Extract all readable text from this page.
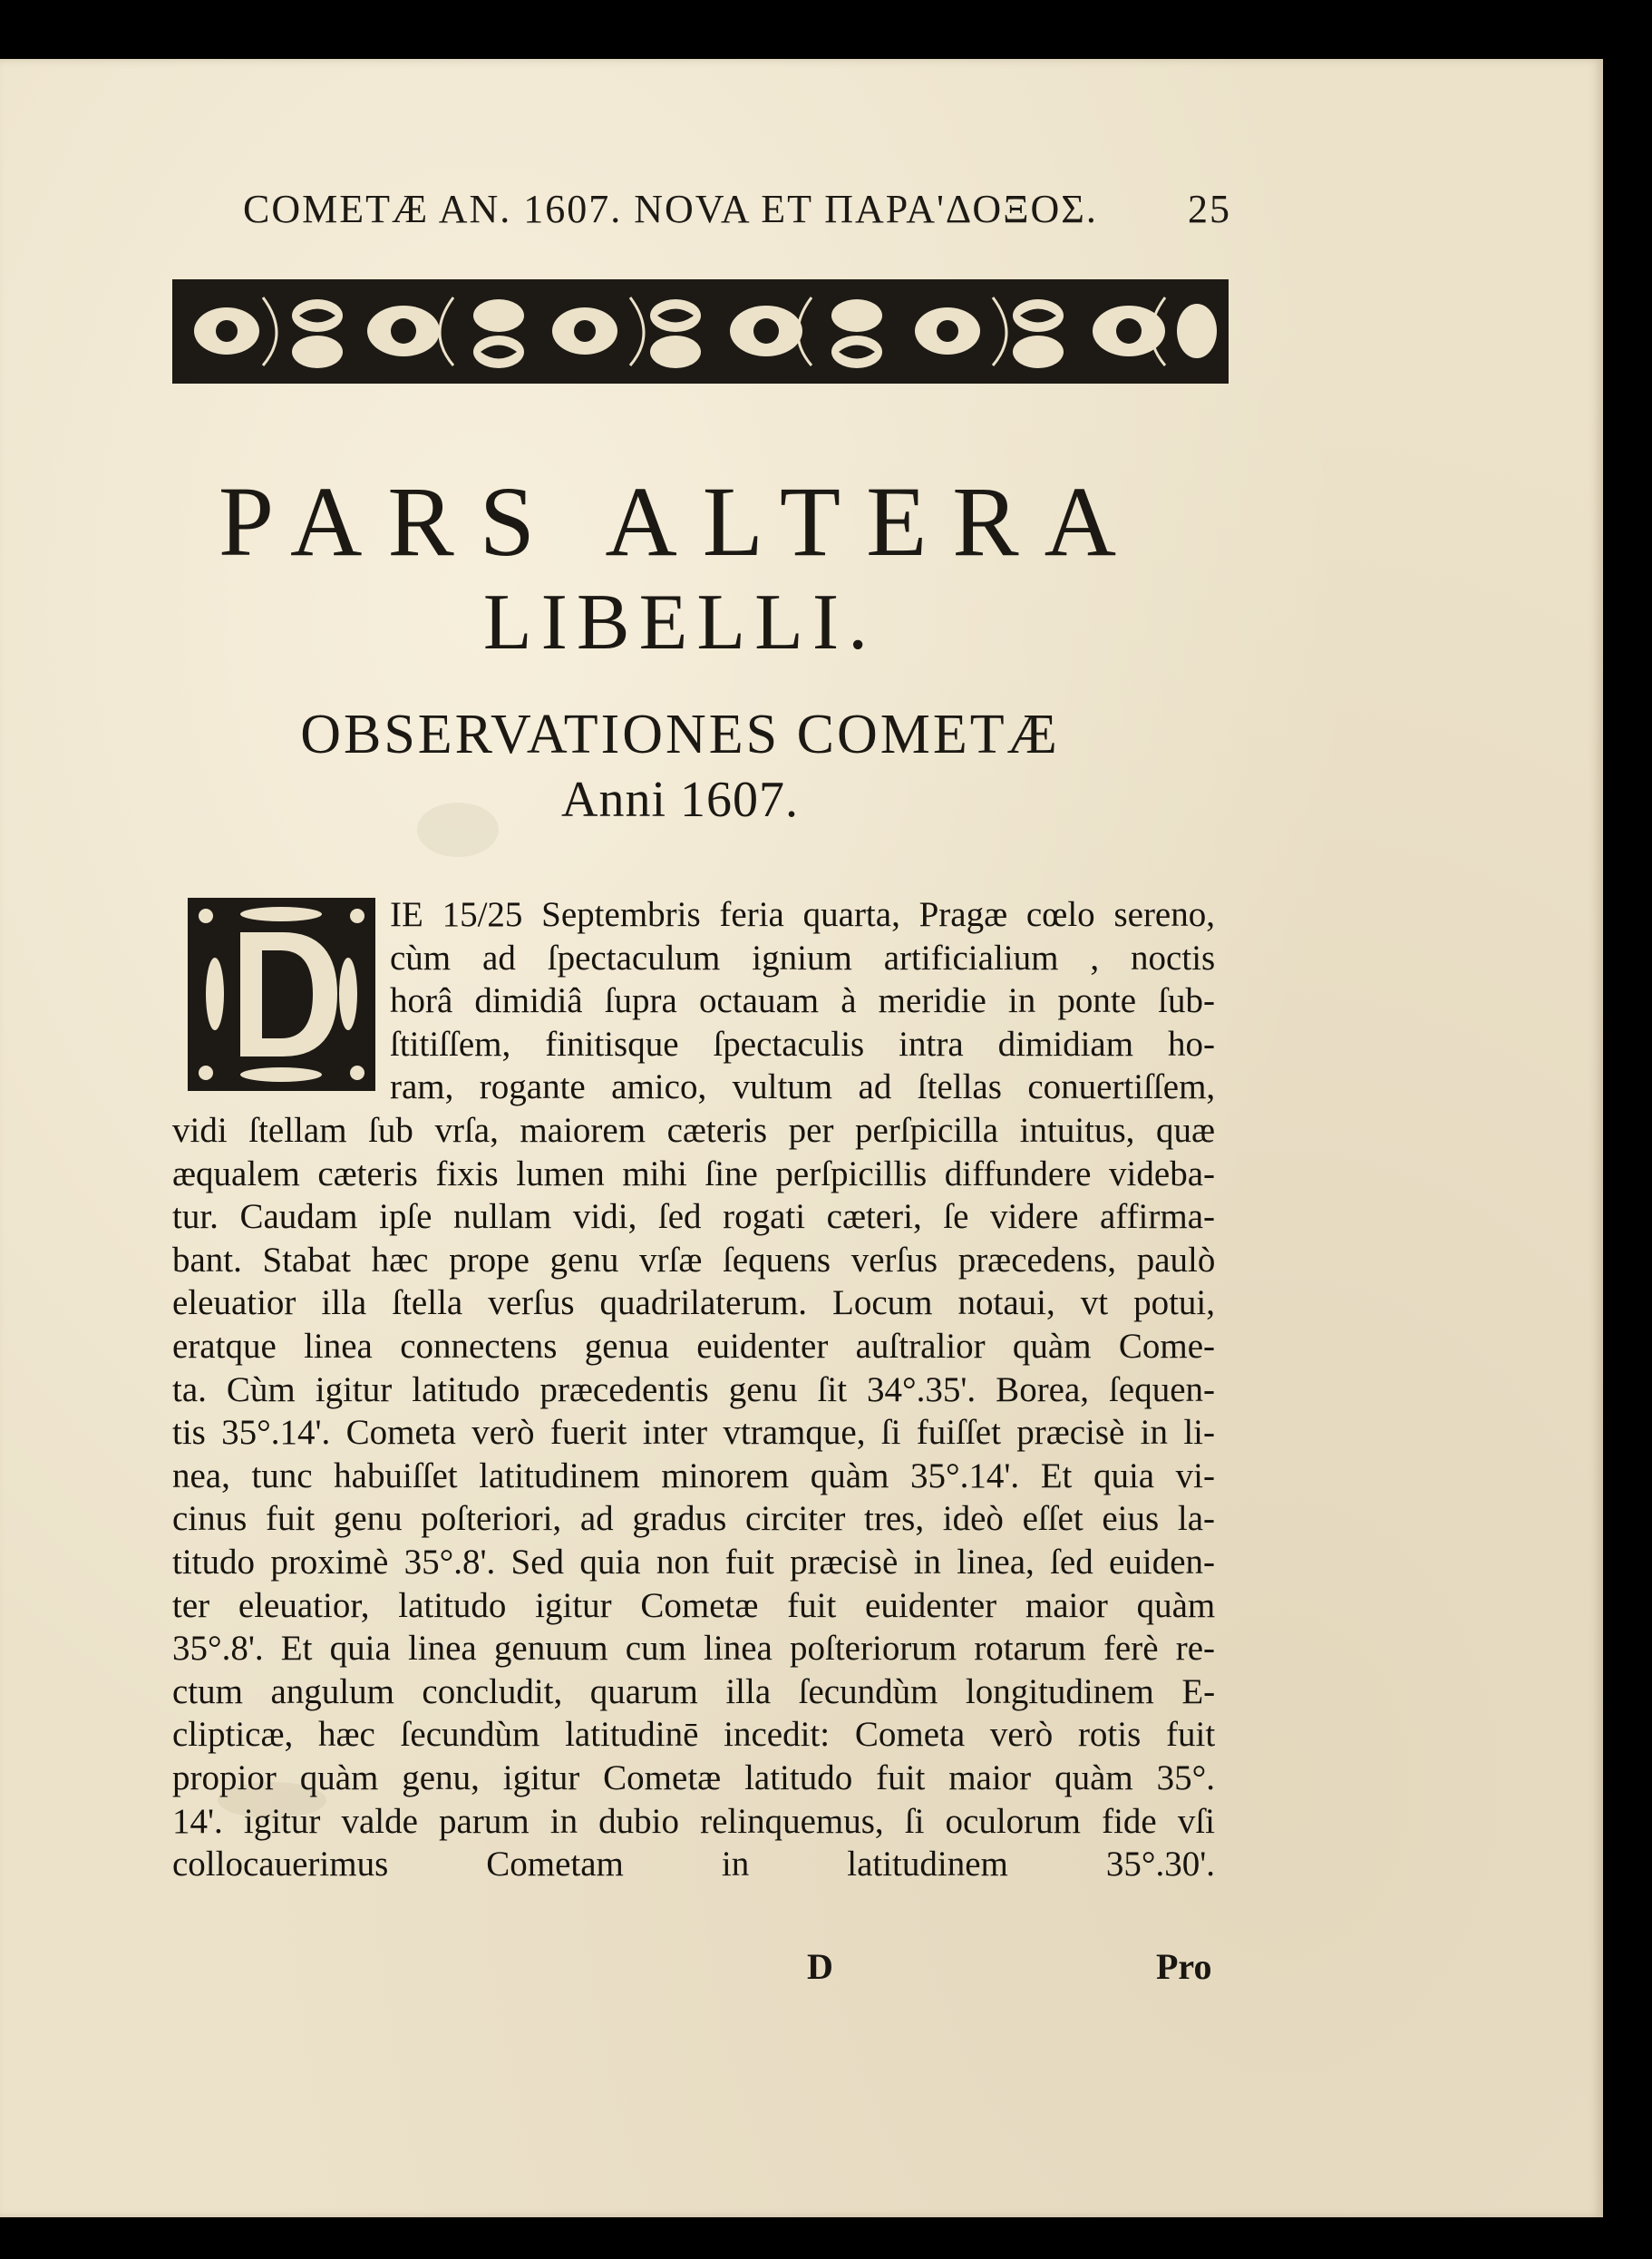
COMETÆ AN. 1607. NOVA ET ΠΑΡΑ'ΔΟΞΟΣ. 25
PARS ALTERA
LIBELLI.
OBSERVATIONES COMETÆ
Anni 1607.
D
IE 15/25 Septembris feria quarta, Pragæ cœlo sereno,
cùm ad ſpectaculum ignium artificialium , noctis
horâ dimidiâ ſupra octauam à meridie in ponte ſub-
ſtitiſſem, finitisque ſpectaculis intra dimidiam ho-
ram, rogante amico, vultum ad ſtellas conuertiſſem,
vidi ſtellam ſub vrſa, maiorem cæteris per perſpicilla intuitus, quæ
æqualem cæteris fixis lumen mihi ſine perſpicillis diffundere videba-
tur. Caudam ipſe nullam vidi, ſed rogati cæteri, ſe videre affirma-
bant. Stabat hæc prope genu vrſæ ſequens verſus præcedens, paulò
eleuatior illa ſtella verſus quadrilaterum. Locum notaui, vt potui,
eratque linea connectens genua euidenter auſtralior quàm Come-
ta. Cùm igitur latitudo præcedentis genu ſit 34°.35'. Borea, ſequen-
tis 35°.14'. Cometa verò fuerit inter vtramque, ſi fuiſſet præcisè in li-
nea, tunc habuiſſet latitudinem minorem quàm 35°.14'. Et quia vi-
cinus fuit genu poſteriori, ad gradus circiter tres, ideò eſſet eius la-
titudo proximè 35°.8'. Sed quia non fuit præcisè in linea, ſed euiden-
ter eleuatior, latitudo igitur Cometæ fuit euidenter maior quàm
35°.8'. Et quia linea genuum cum linea poſteriorum rotarum ferè re-
ctum angulum concludit, quarum illa ſecundùm longitudinem E-
clipticæ, hæc ſecundùm latitudinē incedit: Cometa verò rotis fuit
propior quàm genu, igitur Cometæ latitudo fuit maior quàm 35°.
14'. igitur valde parum in dubio relinquemus, ſi oculorum fide vſi
collocauerimus Cometam in latitudinem 35°.30'.
D	Pro
